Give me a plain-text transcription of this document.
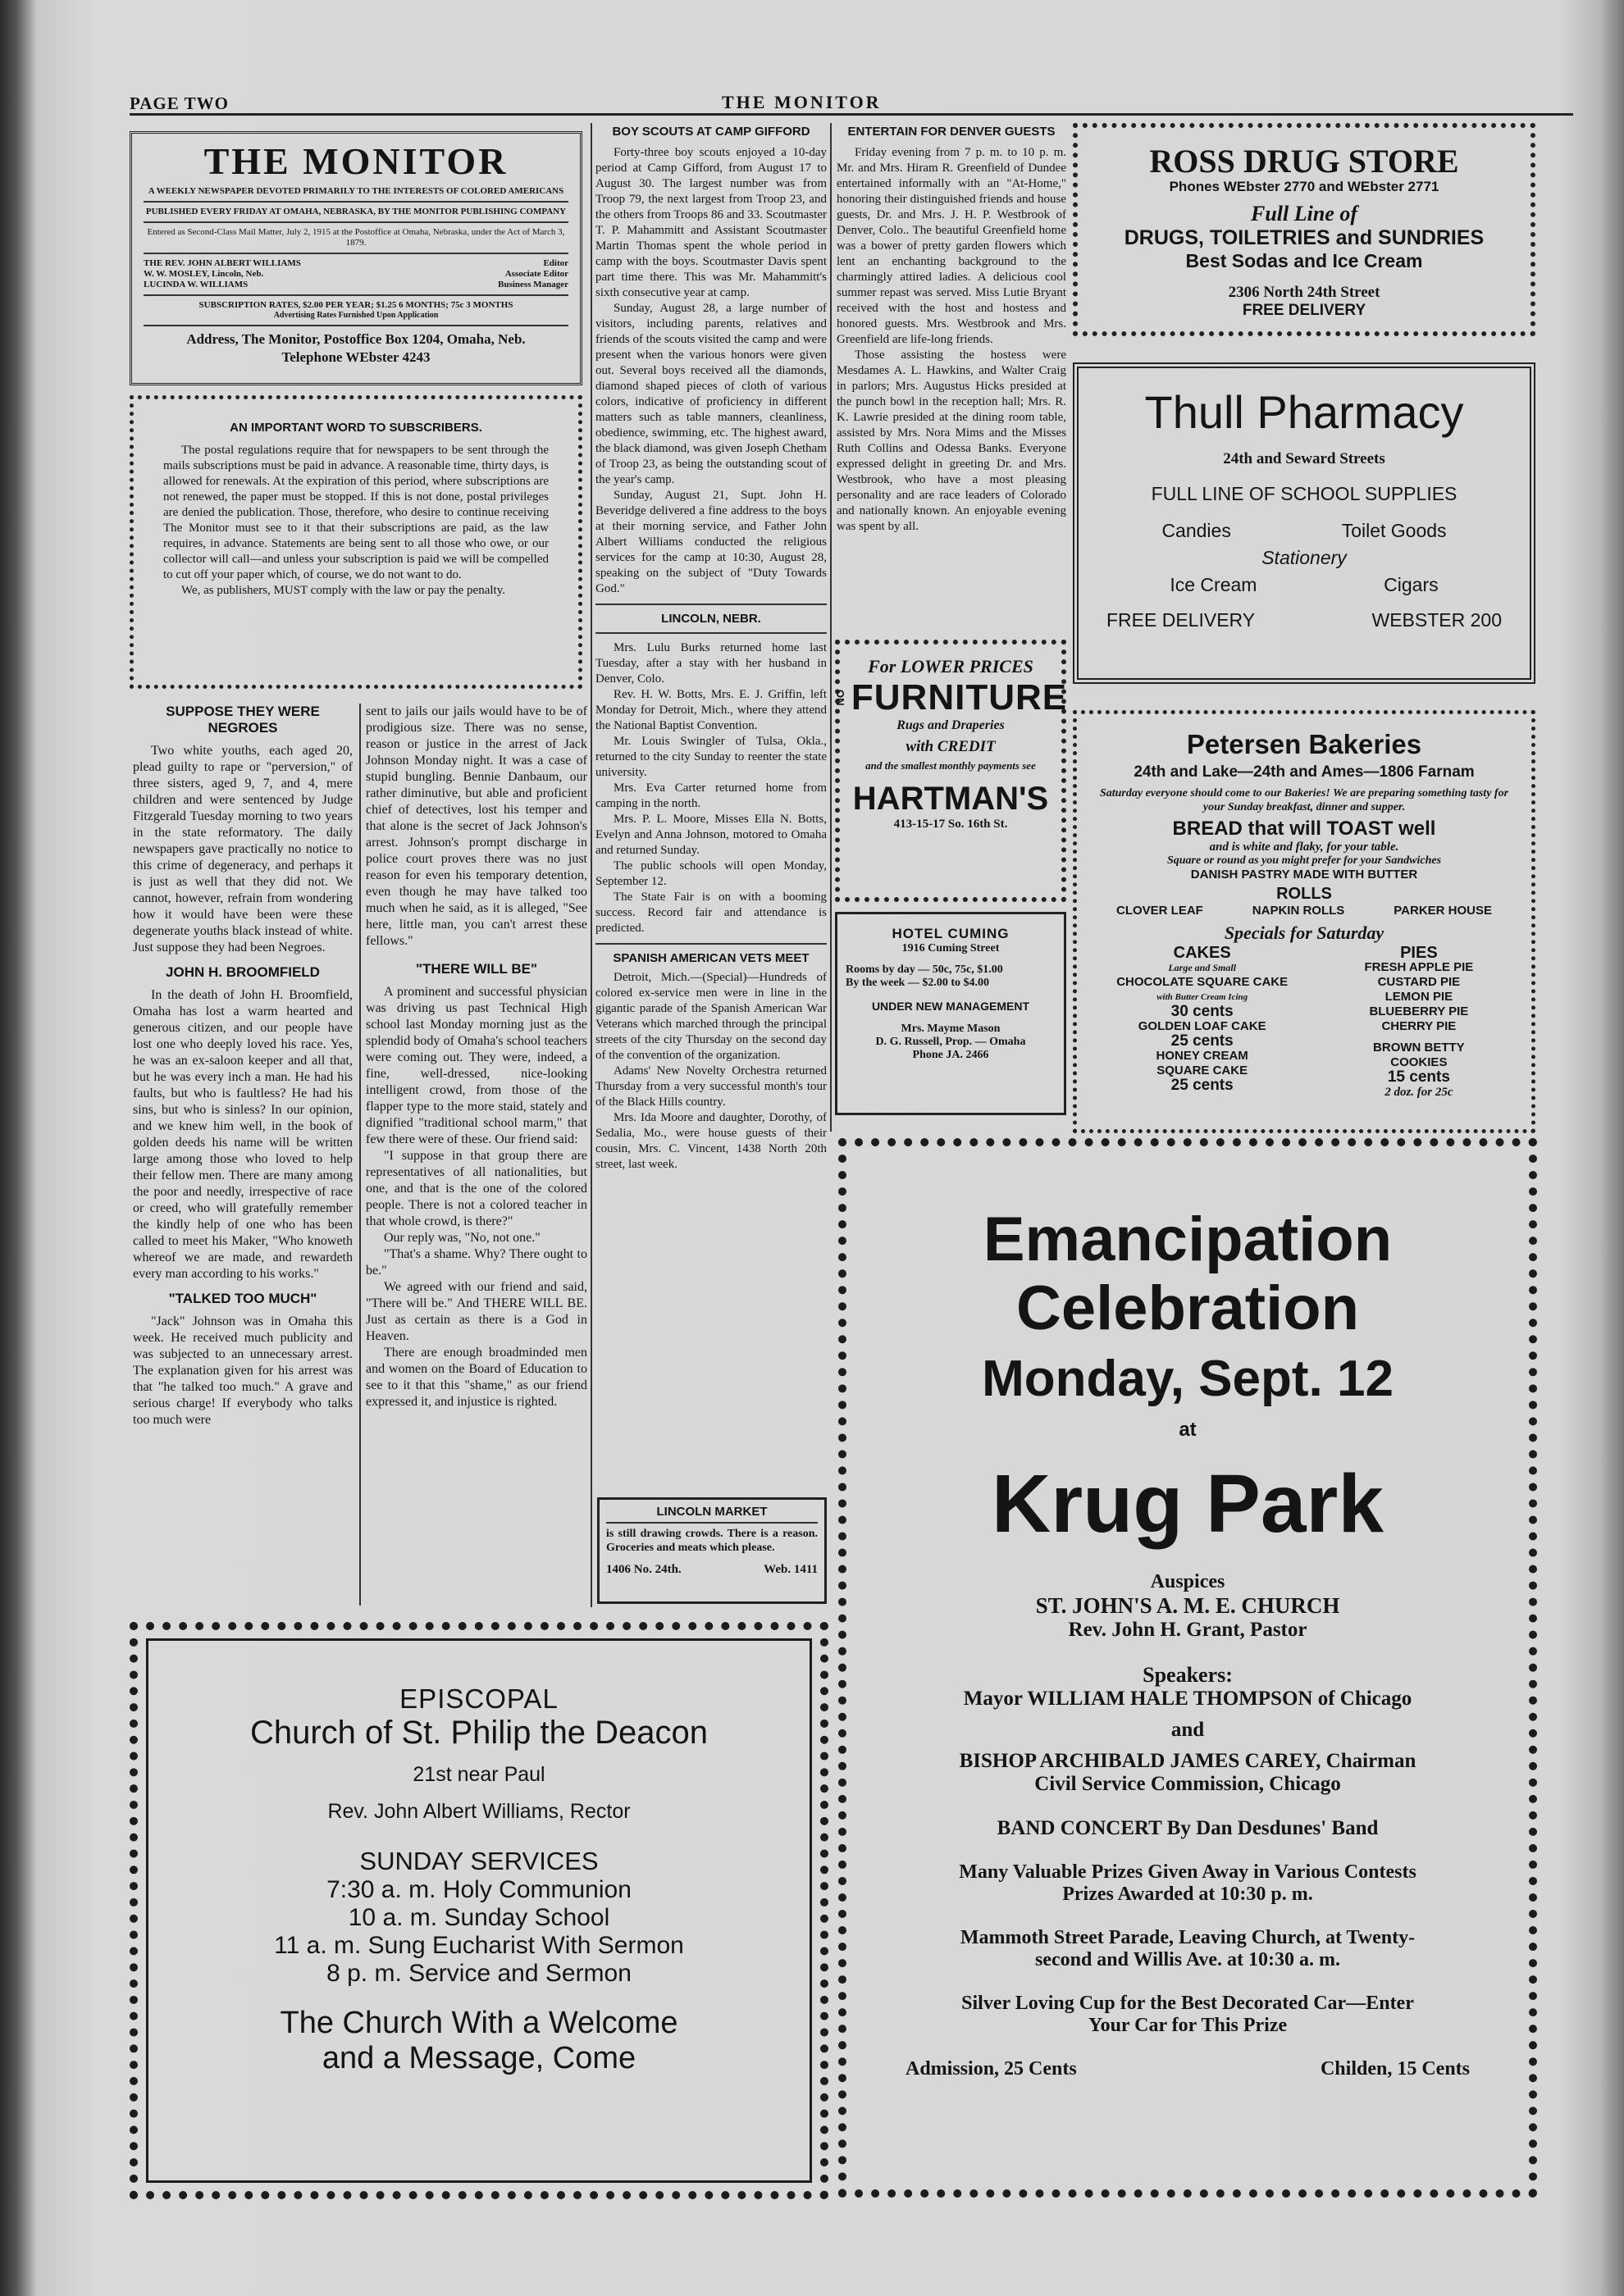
PAGE TWO	THE MONITOR
THE MONITOR
A WEEKLY NEWSPAPER DEVOTED PRIMARILY TO THE INTERESTS OF COLORED AMERICANS
PUBLISHED EVERY FRIDAY AT OMAHA, NEBRASKA, BY THE MONITOR PUBLISHING COMPANY
Entered as Second-Class Mail Matter, July 2, 1915 at the Postoffice at Omaha, Nebraska, under the Act of March 3, 1879.
THE REV. JOHN ALBERT WILLIAMS	Editor
W. W. MOSLEY, Lincoln, Neb.	Associate Editor
LUCINDA W. WILLIAMS	Business Manager
SUBSCRIPTION RATES, $2.00 PER YEAR; $1.25 6 MONTHS; 75c 3 MONTHS
Advertising Rates Furnished Upon Application
Address, The Monitor, Postoffice Box 1204, Omaha, Neb.
Telephone WEbster 4243
AN IMPORTANT WORD TO SUBSCRIBERS.

The postal regulations require that for newspapers to be sent through the mails subscriptions must be paid in advance. A reasonable time, thirty days, is allowed for renewals. At the expiration of this period, where subscriptions are not renewed, the paper must be stopped. If this is not done, postal privileges are denied the publication. Those, therefore, who desire to continue receiving The Monitor must see to it that their subscriptions are paid, as the law requires, in advance. Statements are being sent to all those who owe, or our collector will call—and unless your subscription is paid we will be compelled to cut off your paper which, of course, we do not want to do.

We, as publishers, MUST comply with the law or pay the penalty.

SUPPOSE THEY WERE NEGROES

Two white youths, each aged 20, plead guilty to rape or "perversion," of three sisters, aged 9, 7, and 4, mere children and were sentenced by Judge Fitzgerald Tuesday morning to two years in the state reformatory. The daily newspapers gave practically no notice to this crime of degeneracy, and perhaps it is just as well that they did not. We cannot, however, refrain from wondering how it would have been were these degenerate youths black instead of white. Just suppose they had been Negroes.

JOHN H. BROOMFIELD

In the death of John H. Broomfield, Omaha has lost a warm hearted and generous citizen, and our people have lost one who deeply loved his race. Yes, he was an ex-saloon keeper and all that, but he was every inch a man. He had his faults, but who is faultless? He had his sins, but who is sinless? In our opinion, and we knew him well, in the book of golden deeds his name will be written large among those who loved to help their fellow men. There are many among the poor and needly, irrespective of race or creed, who will gratefully remember the kindly help of one who has been called to meet his Maker, "Who knoweth whereof we are made, and rewardeth every man according to his works."

"TALKED TOO MUCH"

"Jack" Johnson was in Omaha this week. He received much publicity and was subjected to an unnecessary arrest. The explanation given for his arrest was that "he talked too much." A grave and serious charge! If everybody who talks too much were

sent to jails our jails would have to be of prodigious size. There was no sense, reason or justice in the arrest of Jack Johnson Monday night. It was a case of stupid bungling. Bennie Danbaum, our rather diminutive, but able and proficient chief of detectives, lost his temper and that alone is the secret of Jack Johnson's arrest. Johnson's prompt discharge in police court proves there was no just reason for even his temporary detention, even though he may have talked too much when he said, as it is alleged, "See here, little man, you can't arrest these fellows."

"THERE WILL BE"

A prominent and successful physician was driving us past Technical High school last Monday morning just as the splendid body of Omaha's school teachers were coming out. They were, indeed, a fine, well-dressed, nice-looking intelligent crowd, from those of the flapper type to the more staid, stately and dignified "traditional school marm," that few there were of these. Our friend said:

"I suppose in that group there are representatives of all nationalities, but one, and that is the one of the colored people. There is not a colored teacher in that whole crowd, is there?"

Our reply was, "No, not one."

"That's a shame. Why? There ought to be."

We agreed with our friend and said, "There will be." And THERE WILL BE. Just as certain as there is a God in Heaven.

There are enough broadminded men and women on the Board of Education to see to it that this "shame," as our friend expressed it, and injustice is righted.

BOY SCOUTS AT CAMP GIFFORD

Forty-three boy scouts enjoyed a 10-day period at Camp Gifford, from August 17 to August 30. The largest number was from Troop 79, the next largest from Troop 23, and the others from Troops 86 and 33. Scoutmaster T. P. Mahammitt and Assistant Scoutmaster Martin Thomas spent the whole period in camp with the boys. Scoutmaster Davis spent part time there. This was Mr. Mahammitt's sixth consecutive year at camp.

Sunday, August 28, a large number of visitors, including parents, relatives and friends of the scouts visited the camp and were present when the various honors were given out. Several boys received all the diamonds, diamond shaped pieces of cloth of various colors, indicative of proficiency in different matters such as table manners, cleanliness, obedience, swimming, etc. The highest award, the black diamond, was given Joseph Chetham of Troop 23, as being the outstanding scout of the year's camp.

Sunday, August 21, Supt. John H. Beveridge delivered a fine address to the boys at their morning service, and Father John Albert Williams conducted the religious services for the camp at 10:30, August 28, speaking on the subject of "Duty Towards God."

LINCOLN, NEBR.

Mrs. Lulu Burks returned home last Tuesday, after a stay with her husband in Denver, Colo.

Rev. H. W. Botts, Mrs. E. J. Griffin, left Monday for Detroit, Mich., where they attend the National Baptist Convention.

Mr. Louis Swingler of Tulsa, Okla., returned to the city Sunday to reenter the state university.

Mrs. Eva Carter returned home from camping in the north.

Mrs. P. L. Moore, Misses Ella N. Botts, Evelyn and Anna Johnson, motored to Omaha and returned Sunday.

The public schools will open Monday, September 12.

The State Fair is on with a booming success. Record fair and attendance is predicted.

SPANISH AMERICAN VETS MEET

Detroit, Mich.—(Special)—Hundreds of colored ex-service men were in line in the gigantic parade of the Spanish American War Veterans which marched through the principal streets of the city Thursday on the second day of the convention of the organization.

Adams' New Novelty Orchestra returned Thursday from a very successful month's tour of the Black Hills country.

Mrs. Ida Moore and daughter, Dorothy, of Sedalia, Mo., were house guests of their cousin, Mrs. C. Vincent, 1438 North 20th street, last week.

LINCOLN MARKET
is still drawing crowds. There is a reason. Groceries and meats which please.
1406 No. 24th.	Web. 1411
ENTERTAIN FOR DENVER GUESTS

Friday evening from 7 p. m. to 10 p. m. Mr. and Mrs. Hiram R. Greenfield of Dundee entertained informally with an "At-Home," honoring their distinguished friends and house guests, Dr. and Mrs. J. H. P. Westbrook of Denver, Colo.. The beautiful Greenfield home was a bower of pretty garden flowers which lent an enchanting background to the charmingly attired ladies. A delicious cool summer repast was served. Miss Lutie Bryant received with the host and hostess and honored guests. Mrs. Westbrook and Mrs. Greenfield are life-long friends.

Those assisting the hostess were Mesdames A. L. Hawkins, and Walter Craig in parlors; Mrs. Augustus Hicks presided at the punch bowl in the reception hall; Mrs. R. K. Lawrie presided at the dining room table, assisted by Mrs. Nora Mims and the Misses Ruth Collins and Odessa Banks. Everyone expressed delight in greeting Dr. and Mrs. Westbrook, who have a most pleasing personality and are race leaders of Colorado and nationally known. An enjoyable evening was spent by all.

For LOWER PRICES
ON FURNITURE
Rugs and Draperies
with CREDIT
and the smallest monthly payments see
HARTMAN'S
413-15-17 So. 16th St.
HOTEL CUMING
1916 Cuming Street
Rooms by day — 50c, 75c, $1.00
By the week — $2.00 to $4.00
UNDER NEW MANAGEMENT
Mrs. Mayme Mason
D. G. Russell, Prop. — Omaha
Phone JA. 2466
ROSS DRUG STORE
Phones WEbster 2770 and WEbster 2771
Full Line of
DRUGS, TOILETRIES and SUNDRIES
Best Sodas and Ice Cream
2306 North 24th Street
FREE DELIVERY
Thull Pharmacy
24th and Seward Streets
FULL LINE OF SCHOOL SUPPLIES
Candies	Toilet Goods
Stationery
Ice Cream	Cigars
FREE DELIVERY	WEBSTER 200
Petersen Bakeries
24th and Lake—24th and Ames—1806 Farnam
Saturday everyone should come to our Bakeries! We are preparing something tasty for your Sunday breakfast, dinner and supper.
BREAD that will TOAST well
and is white and flaky, for your table.
Square or round as you might prefer for your Sandwiches
DANISH PASTRY MADE WITH BUTTER
ROLLS
CLOVER LEAF	NAPKIN ROLLS	PARKER HOUSE
Specials for Saturday
CAKES
Large and Small
CHOCOLATE SQUARE CAKE
with Butter Cream Icing
30 cents
GOLDEN LOAF CAKE
25 cents
HONEY CREAM
SQUARE CAKE
25 cents
PIES
FRESH APPLE PIE
CUSTARD PIE
LEMON PIE
BLUEBERRY PIE
CHERRY PIE
BROWN BETTY
COOKIES
15 cents
2 doz. for 25c
EPISCOPAL
Church of St. Philip the Deacon
21st near Paul
Rev. John Albert Williams, Rector
SUNDAY SERVICES
7:30 a. m. Holy Communion
10 a. m. Sunday School
11 a. m. Sung Eucharist With Sermon
8 p. m. Service and Sermon
The Church With a Welcome
and a Message, Come
Emancipation
Celebration
Monday, Sept. 12
at
Krug Park
Auspices
ST. JOHN'S A. M. E. CHURCH
Rev. John H. Grant, Pastor
Speakers:
Mayor WILLIAM HALE THOMPSON of Chicago
and
BISHOP ARCHIBALD JAMES CAREY, Chairman
Civil Service Commission, Chicago
BAND CONCERT By Dan Desdunes' Band
Many Valuable Prizes Given Away in Various Contests
Prizes Awarded at 10:30 p. m.
Mammoth Street Parade, Leaving Church, at Twenty-
second and Willis Ave. at 10:30 a. m.
Silver Loving Cup for the Best Decorated Car—Enter
Your Car for This Prize
Admission, 25 Cents	Childen, 15 Cents
